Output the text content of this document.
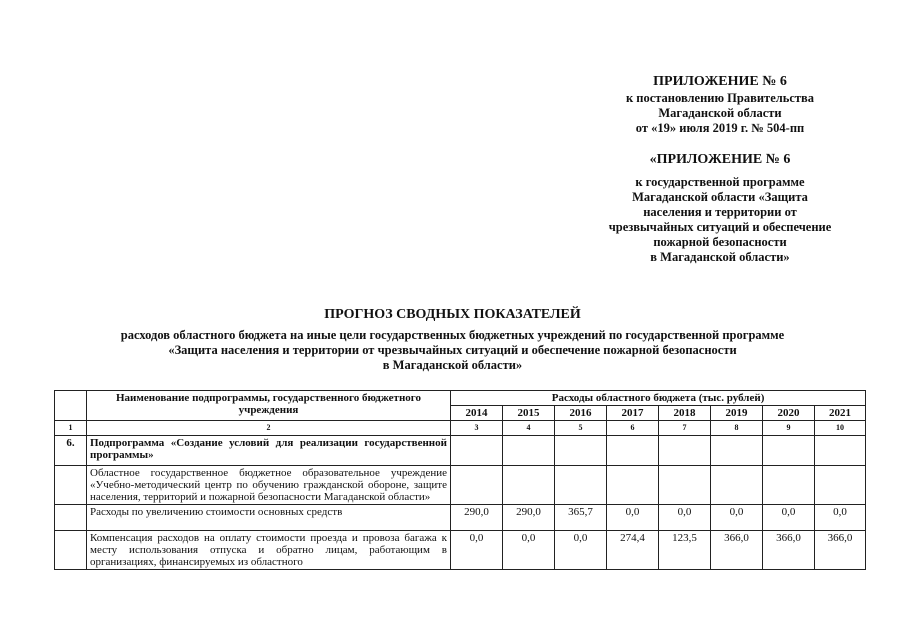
ПРИЛОЖЕНИЕ № 6
к постановлению Правительства
Магаданской области
от «19» июля 2019 г. № 504-пп
«ПРИЛОЖЕНИЕ № 6
к государственной программе
Магаданской области «Защита
населения и территории от
чрезвычайных ситуаций и обеспечение
пожарной безопасности
в Магаданской области»
ПРОГНОЗ СВОДНЫХ ПОКАЗАТЕЛЕЙ
расходов областного бюджета на иные цели государственных бюджетных учреждений по государственной программе
«Защита населения и территории от чрезвычайных ситуаций и обеспечение пожарной безопасности
в Магаданской области»
	Наименование подпрограммы, государственного бюджетного учреждения	Расходы областного бюджета (тыс. рублей)							
		2014	2015	2016	2017	2018	2019	2020	2021
1	2	3	4	5	6	7	8	9	10
6.	Подпрограмма «Создание условий для реализации государственной программы»								
	Областное государственное бюджетное образовательное учреждение «Учебно-методический центр по обучению гражданской обороне, защите населения, территорий и пожарной безопасности Магаданской области»								
	Расходы по увеличению стоимости основных средств	290,0	290,0	365,7	0,0	0,0	0,0	0,0	0,0
	Компенсация расходов на оплату стоимости проезда и провоза багажа к месту использования отпуска и обратно лицам, работающим в организациях, финансируемых из областного	0,0	0,0	0,0	274,4	123,5	366,0	366,0	366,0
